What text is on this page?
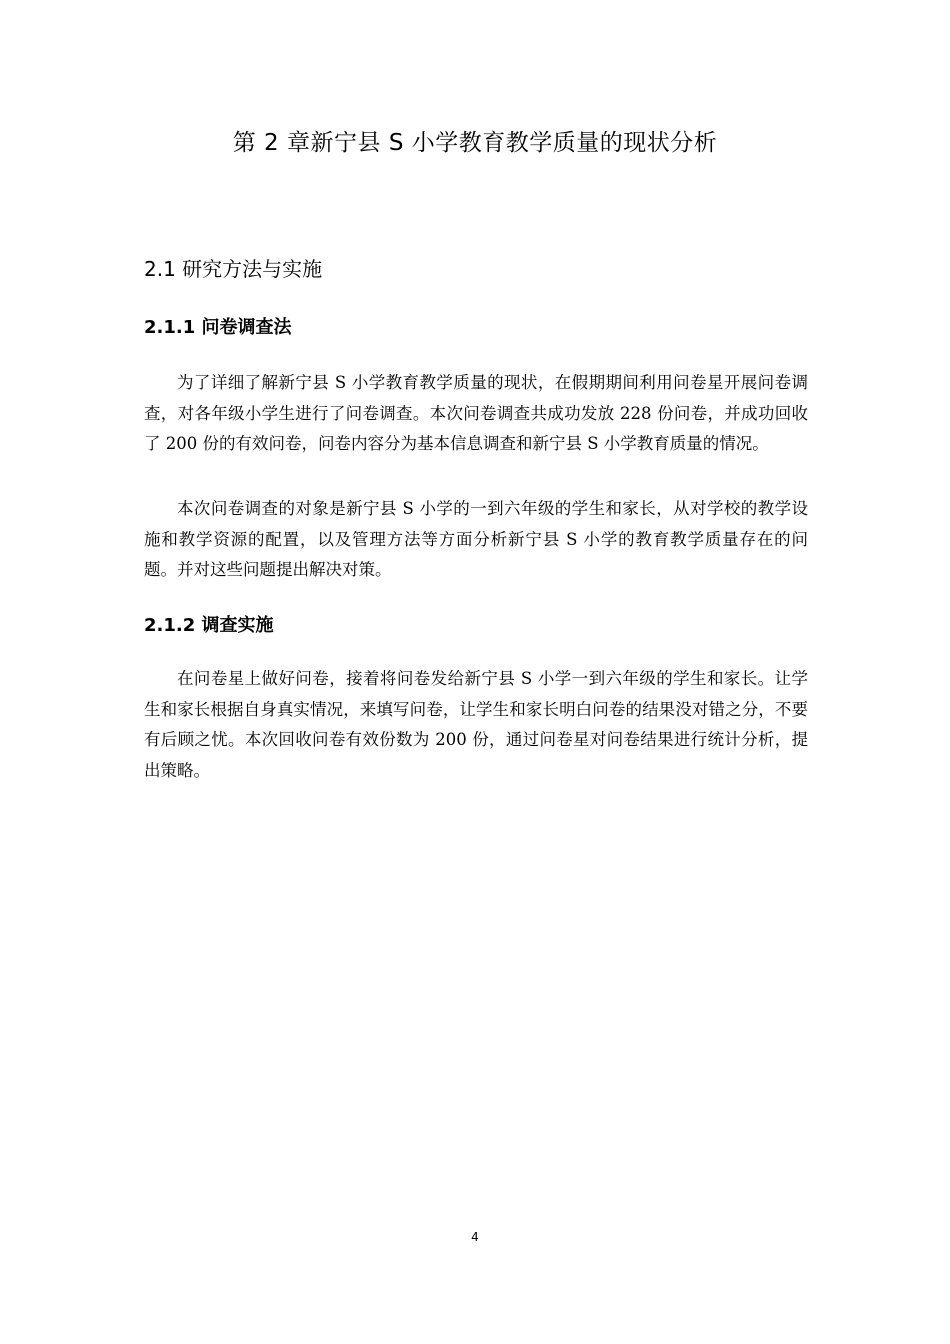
第 2 章新宁县 S 小学教育教学质量的现状分析
2.1 研究方法与实施
2.1.1 问卷调查法

为了详细了解新宁县 S 小学教育教学质量的现状，在假期期间利用问卷星开展问卷调查，对各年级小学生进行了问卷调查。本次问卷调查共成功发放 228 份问卷，并成功回收了 200 份的有效问卷，问卷内容分为基本信息调查和新宁县 S 小学教育质量的情况。

本次问卷调查的对象是新宁县 S 小学的一到六年级的学生和家长，从对学校的教学设施和教学资源的配置，以及管理方法等方面分析新宁县 S 小学的教育教学质量存在的问题。并对这些问题提出解决对策。

2.1.2 调查实施

在问卷星上做好问卷，接着将问卷发给新宁县 S 小学一到六年级的学生和家长。让学生和家长根据自身真实情况，来填写问卷，让学生和家长明白问卷的结果没对错之分，不要有后顾之忧。本次回收问卷有效份数为 200 份，通过问卷星对问卷结果进行统计分析，提出策略。

4
